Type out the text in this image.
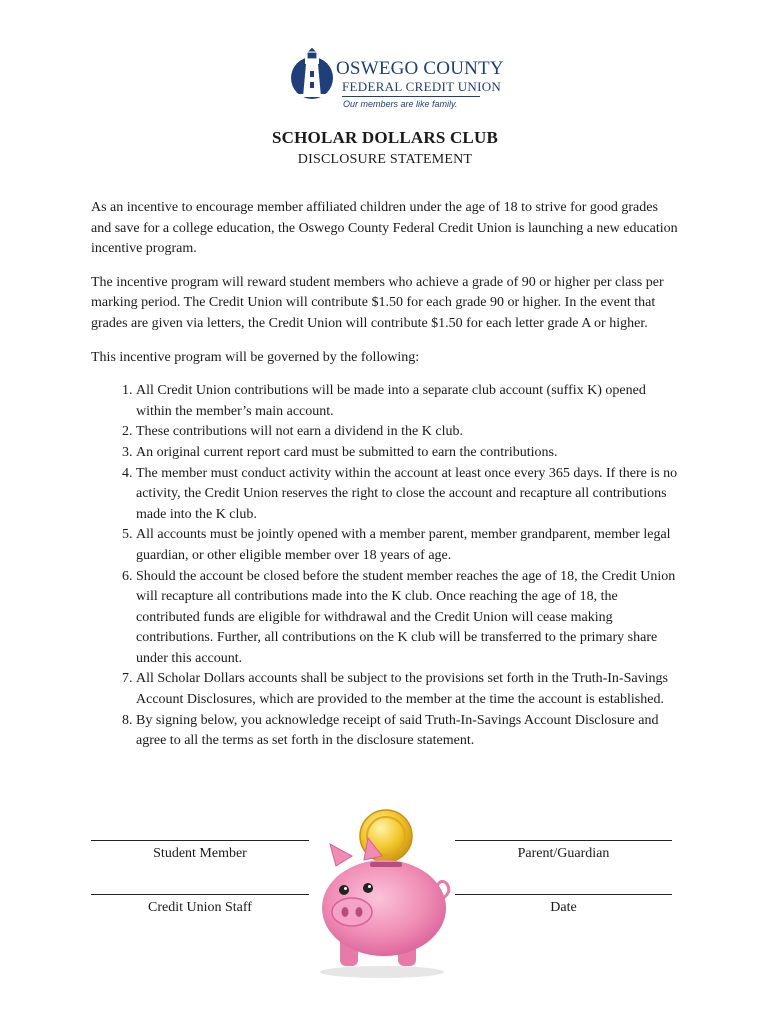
OSWEGO COUNTY
FEDERAL CREDIT UNION
Our members are like family.
SCHOLAR DOLLARS CLUB
DISCLOSURE STATEMENT

As an incentive to encourage member affiliated children under the age of 18 to strive for good grades and save for a college education, the Oswego County Federal Credit Union is launching a new education incentive program.

The incentive program will reward student members who achieve a grade of 90 or higher per class per marking period. The Credit Union will contribute $1.50 for each grade 90 or higher. In the event that grades are given via letters, the Credit Union will contribute $1.50 for each letter grade A or higher.

This incentive program will be governed by the following:

1. All Credit Union contributions will be made into a separate club account (suffix K) opened within the member’s main account.
2. These contributions will not earn a dividend in the K club.
3. An original current report card must be submitted to earn the contributions.
4. The member must conduct activity within the account at least once every 365 days. If there is no activity, the Credit Union reserves the right to close the account and recapture all contributions made into the K club.
5. All accounts must be jointly opened with a member parent, member grandparent, member legal guardian, or other eligible member over 18 years of age.
6. Should the account be closed before the student member reaches the age of 18, the Credit Union will recapture all contributions made into the K club. Once reaching the age of 18, the contributed funds are eligible for withdrawal and the Credit Union will cease making contributions. Further, all contributions on the K club will be transferred to the primary share under this account.
7. All Scholar Dollars accounts shall be subject to the provisions set forth in the Truth-In-Savings Account Disclosures, which are provided to the member at the time the account is established.
8. By signing below, you acknowledge receipt of said Truth-In-Savings Account Disclosure and agree to all the terms as set forth in the disclosure statement.
Student Member	Parent/Guardian
Credit Union Staff	Date
